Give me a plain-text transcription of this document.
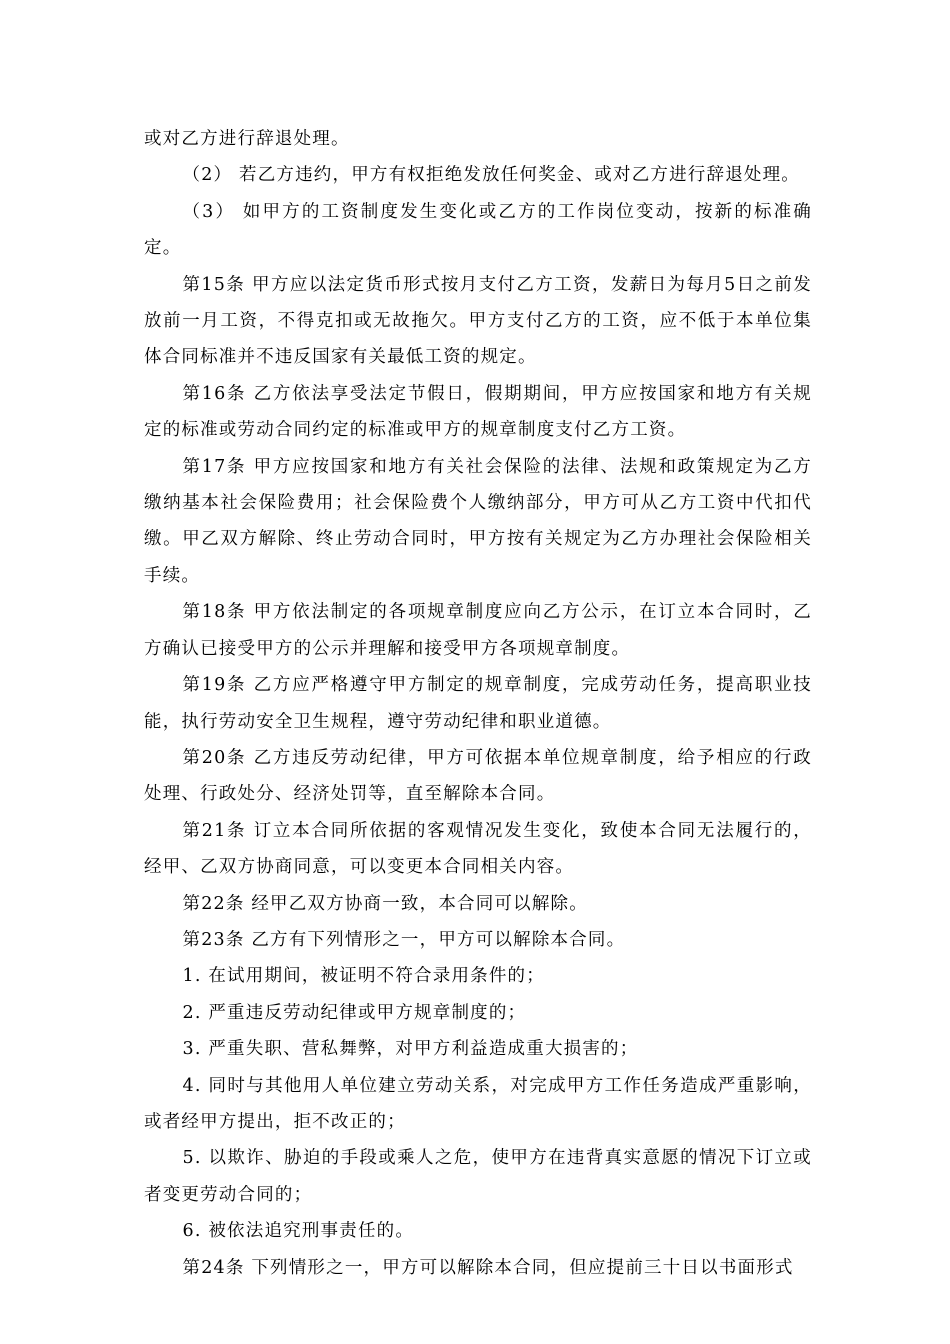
或对乙方进行辞退处理。

（2） 若乙方违约，甲方有权拒绝发放任何奖金、或对乙方进行辞退处理。

（3） 如甲方的工资制度发生变化或乙方的工作岗位变动，按新的标准确定。

第15条 甲方应以法定货币形式按月支付乙方工资，发薪日为每月5日之前发放前一月工资，不得克扣或无故拖欠。甲方支付乙方的工资，应不低于本单位集体合同标准并不违反国家有关最低工资的规定。

第16条 乙方依法享受法定节假日，假期期间，甲方应按国家和地方有关规定的标准或劳动合同约定的标准或甲方的规章制度支付乙方工资。

第17条 甲方应按国家和地方有关社会保险的法律、法规和政策规定为乙方缴纳基本社会保险费用；社会保险费个人缴纳部分，甲方可从乙方工资中代扣代缴。甲乙双方解除、终止劳动合同时，甲方按有关规定为乙方办理社会保险相关手续。

第18条 甲方依法制定的各项规章制度应向乙方公示，在订立本合同时，乙方确认已接受甲方的公示并理解和接受甲方各项规章制度。

第19条 乙方应严格遵守甲方制定的规章制度，完成劳动任务，提高职业技能，执行劳动安全卫生规程，遵守劳动纪律和职业道德。

第20条 乙方违反劳动纪律，甲方可依据本单位规章制度，给予相应的行政处理、行政处分、经济处罚等，直至解除本合同。

第21条 订立本合同所依据的客观情况发生变化，致使本合同无法履行的，经甲、乙双方协商同意，可以变更本合同相关内容。

第22条 经甲乙双方协商一致，本合同可以解除。

第23条 乙方有下列情形之一，甲方可以解除本合同。

1. 在试用期间，被证明不符合录用条件的；

2. 严重违反劳动纪律或甲方规章制度的；

3. 严重失职、营私舞弊，对甲方利益造成重大损害的；

4. 同时与其他用人单位建立劳动关系，对完成甲方工作任务造成严重影响，或者经甲方提出，拒不改正的；

5. 以欺诈、胁迫的手段或乘人之危，使甲方在违背真实意愿的情况下订立或者变更劳动合同的；

6. 被依法追究刑事责任的。

第24条 下列情形之一，甲方可以解除本合同，但应提前三十日以书面形式
